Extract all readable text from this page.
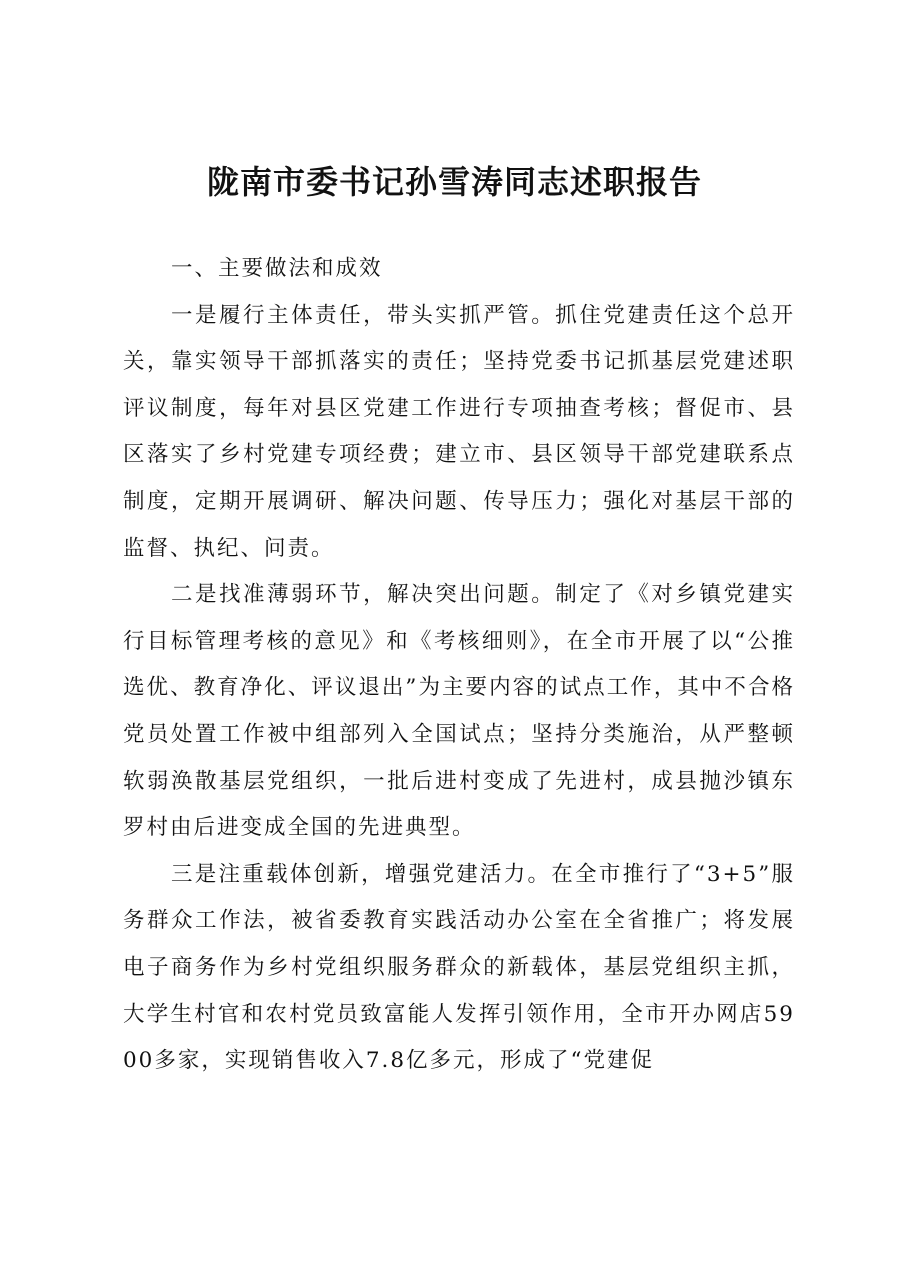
陇南市委书记孙雪涛同志述职报告

一、主要做法和成效

一是履行主体责任，带头实抓严管。抓住党建责任这个总开关，靠实领导干部抓落实的责任；坚持党委书记抓基层党建述职评议制度，每年对县区党建工作进行专项抽查考核；督促市、县区落实了乡村党建专项经费；建立市、县区领导干部党建联系点制度，定期开展调研、解决问题、传导压力；强化对基层干部的监督、执纪、问责。

二是找准薄弱环节，解决突出问题。制定了《对乡镇党建实行目标管理考核的意见》和《考核细则》，在全市开展了以“公推选优、教育净化、评议退出”为主要内容的试点工作，其中不合格党员处置工作被中组部列入全国试点；坚持分类施治，从严整顿软弱涣散基层党组织，一批后进村变成了先进村，成县抛沙镇东罗村由后进变成全国的先进典型。

三是注重载体创新，增强党建活力。在全市推行了“3+5”服务群众工作法，被省委教育实践活动办公室在全省推广；将发展电子商务作为乡村党组织服务群众的新载体，基层党组织主抓，大学生村官和农村党员致富能人发挥引领作用，全市开办网店5900多家，实现销售收入7.8亿多元，形成了“党建促
